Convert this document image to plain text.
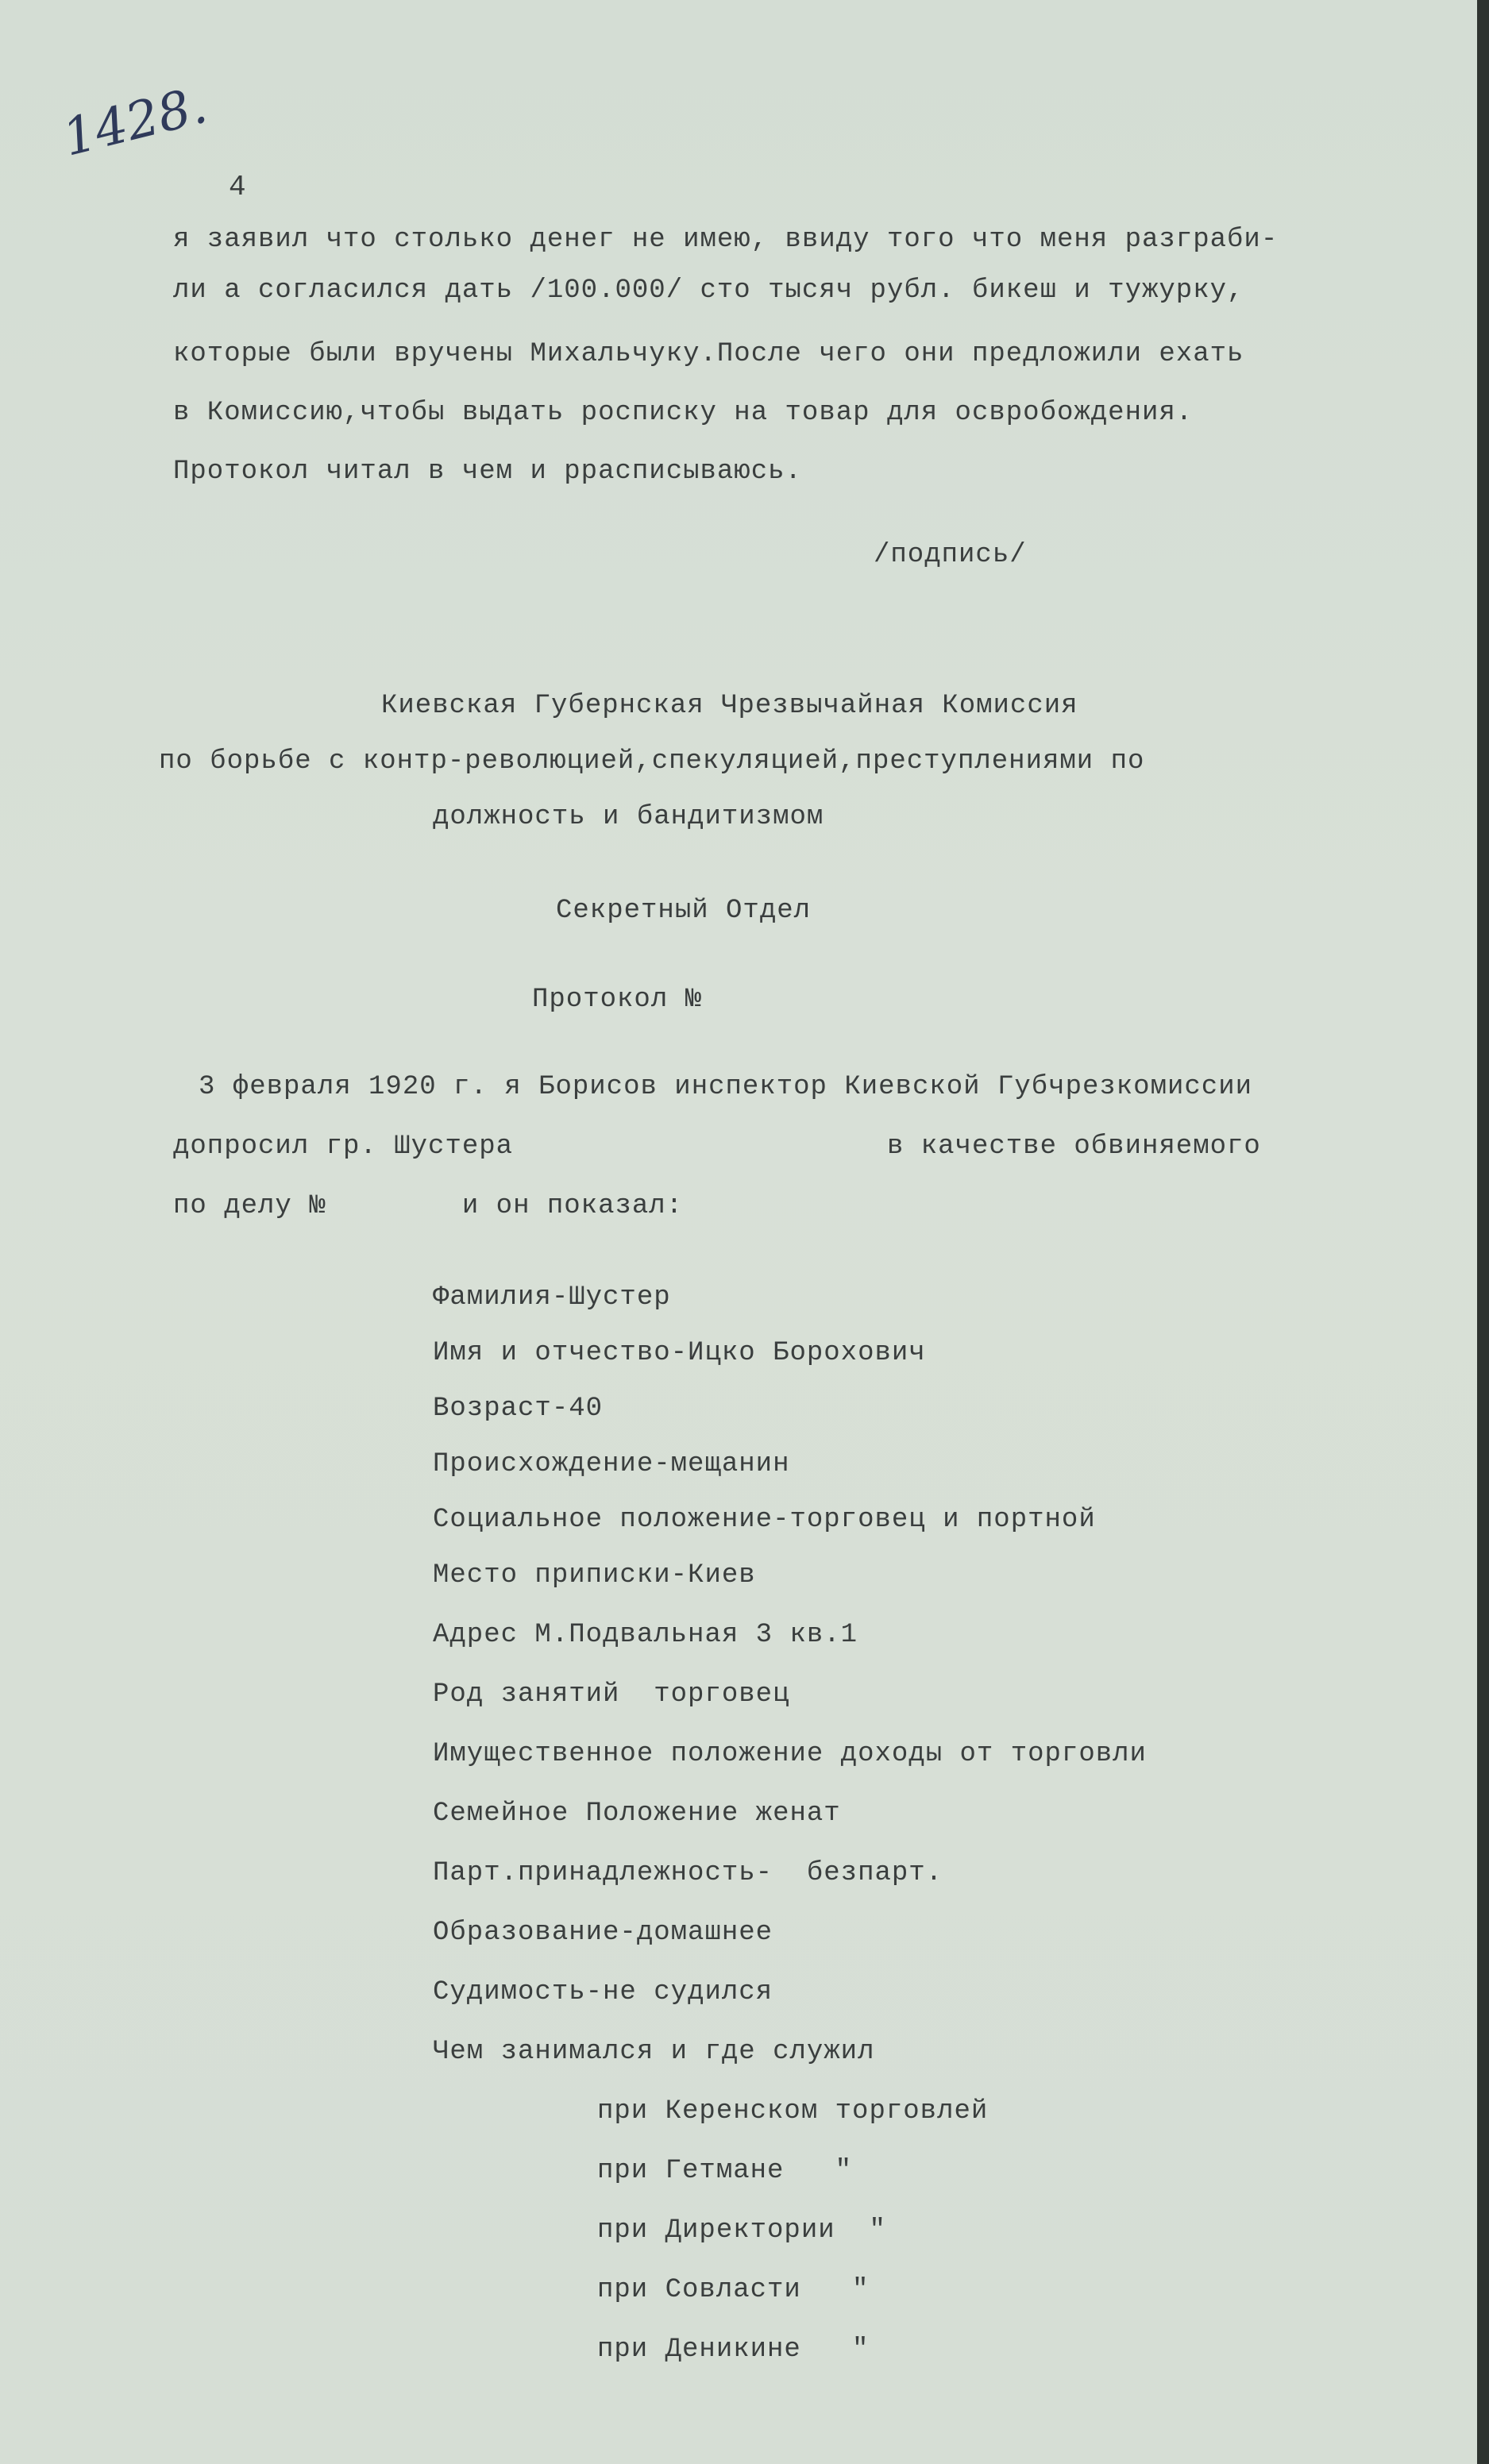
1428.
4
я заявил что столько денег не имею, ввиду того что меня разграби-
ли а согласился дать /100.000/ сто тысяч рубл. бикеш и тужурку,
которые были вручены Михальчуку.После чего они предложили ехать
в Комиссию,чтобы выдать росписку на товар для освробождения.
Протокол читал в чем и рраспиcываюсь.
/подпись/
Киевская Губернская Чрезвычайная Комиссия
по борьбе с контр-революцией,спекуляцией,преступлениями по
должность и бандитизмом
Секретный Отдел
Протокол №
3 февраля 1920 г. я Борисов инспектор Киевской Губчрезкомиссии
допросил гр. Шустера                      в качестве обвиняемого
по делу №        и он показал:
Фамилия-Шустер
Имя и отчество-Ицко Борохович
Возраст-40
Происхождение-мещанин
Социальное положение-торговец и портной
Место приписки-Киев
Адрес М.Подвальная 3 кв.1
Род занятий  торговец
Имущественное положение доходы от торговли
Семейное Положение женат
Парт.принадлежность-  безпарт.
Образование-домашнее
Судимость-не судился
Чем занимался и где служил
при Керенском торговлей
при Гетмане   "
при Директории  "
при Совласти   "
при Деникине   "
